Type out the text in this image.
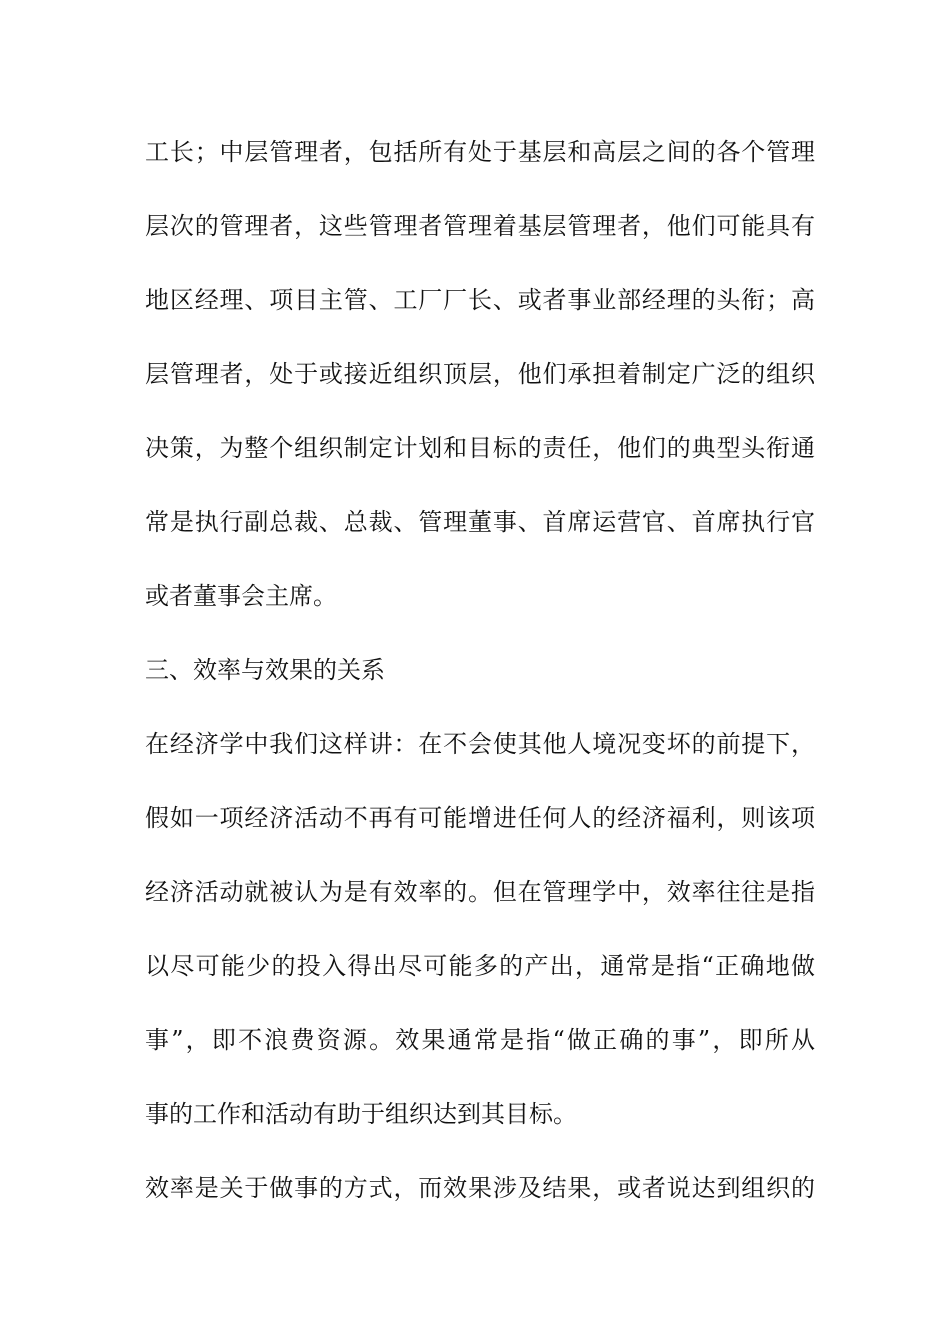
工长；中层管理者，包括所有处于基层和高层之间的各个管理
层次的管理者，这些管理者管理着基层管理者，他们可能具有
地区经理、项目主管、工厂厂长、或者事业部经理的头衔；高
层管理者，处于或接近组织顶层，他们承担着制定广泛的组织
决策，为整个组织制定计划和目标的责任，他们的典型头衔通
常是执行副总裁、总裁、管理董事、首席运营官、首席执行官
或者董事会主席。
三、效率与效果的关系
在经济学中我们这样讲：在不会使其他人境况变坏的前提下，
假如一项经济活动不再有可能增进任何人的经济福利，则该项
经济活动就被认为是有效率的。但在管理学中，效率往往是指
以尽可能少的投入得出尽可能多的产出，通常是指“正确地做
事”，即不浪费资源。效果通常是指“做正确的事”，即所从
事的工作和活动有助于组织达到其目标。
效率是关于做事的方式，而效果涉及结果，或者说达到组织的
